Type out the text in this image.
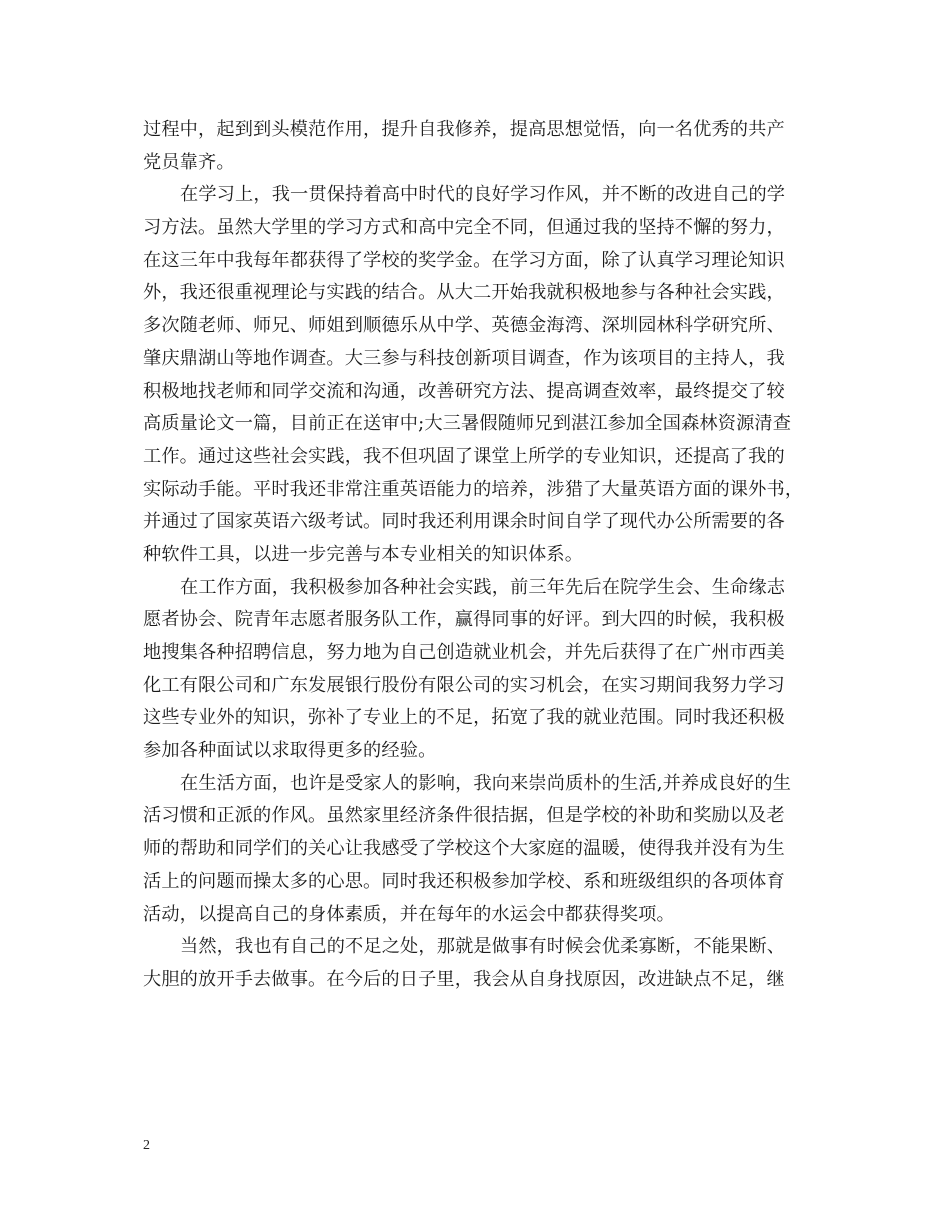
过程中，起到到头模范作用，提升自我修养，提高思想觉悟，向一名优秀的共产
党员靠齐。
在学习上，我一贯保持着高中时代的良好学习作风，并不断的改进自己的学
习方法。虽然大学里的学习方式和高中完全不同，但通过我的坚持不懈的努力，
在这三年中我每年都获得了学校的奖学金。在学习方面，除了认真学习理论知识
外，我还很重视理论与实践的结合。从大二开始我就积极地参与各种社会实践，
多次随老师、师兄、师姐到顺德乐从中学、英德金海湾、深圳园林科学研究所、
肇庆鼎湖山等地作调查。大三参与科技创新项目调查，作为该项目的主持人，我
积极地找老师和同学交流和沟通，改善研究方法、提高调查效率，最终提交了较
高质量论文一篇，目前正在送审中;大三暑假随师兄到湛江参加全国森林资源清查
工作。通过这些社会实践，我不但巩固了课堂上所学的专业知识，还提高了我的
实际动手能。平时我还非常注重英语能力的培养，涉猎了大量英语方面的课外书，
并通过了国家英语六级考试。同时我还利用课余时间自学了现代办公所需要的各
种软件工具，以进一步完善与本专业相关的知识体系。
在工作方面，我积极参加各种社会实践，前三年先后在院学生会、生命缘志
愿者协会、院青年志愿者服务队工作，赢得同事的好评。到大四的时候，我积极
地搜集各种招聘信息，努力地为自己创造就业机会，并先后获得了在广州市西美
化工有限公司和广东发展银行股份有限公司的实习机会，在实习期间我努力学习
这些专业外的知识，弥补了专业上的不足，拓宽了我的就业范围。同时我还积极
参加各种面试以求取得更多的经验。
在生活方面，也许是受家人的影响，我向来崇尚质朴的生活,并养成良好的生
活习惯和正派的作风。虽然家里经济条件很拮据，但是学校的补助和奖励以及老
师的帮助和同学们的关心让我感受了学校这个大家庭的温暖，使得我并没有为生
活上的问题而操太多的心思。同时我还积极参加学校、系和班级组织的各项体育
活动，以提高自己的身体素质，并在每年的水运会中都获得奖项。
当然，我也有自己的不足之处，那就是做事有时候会优柔寡断，不能果断、
大胆的放开手去做事。在今后的日子里，我会从自身找原因，改进缺点不足，继
2
